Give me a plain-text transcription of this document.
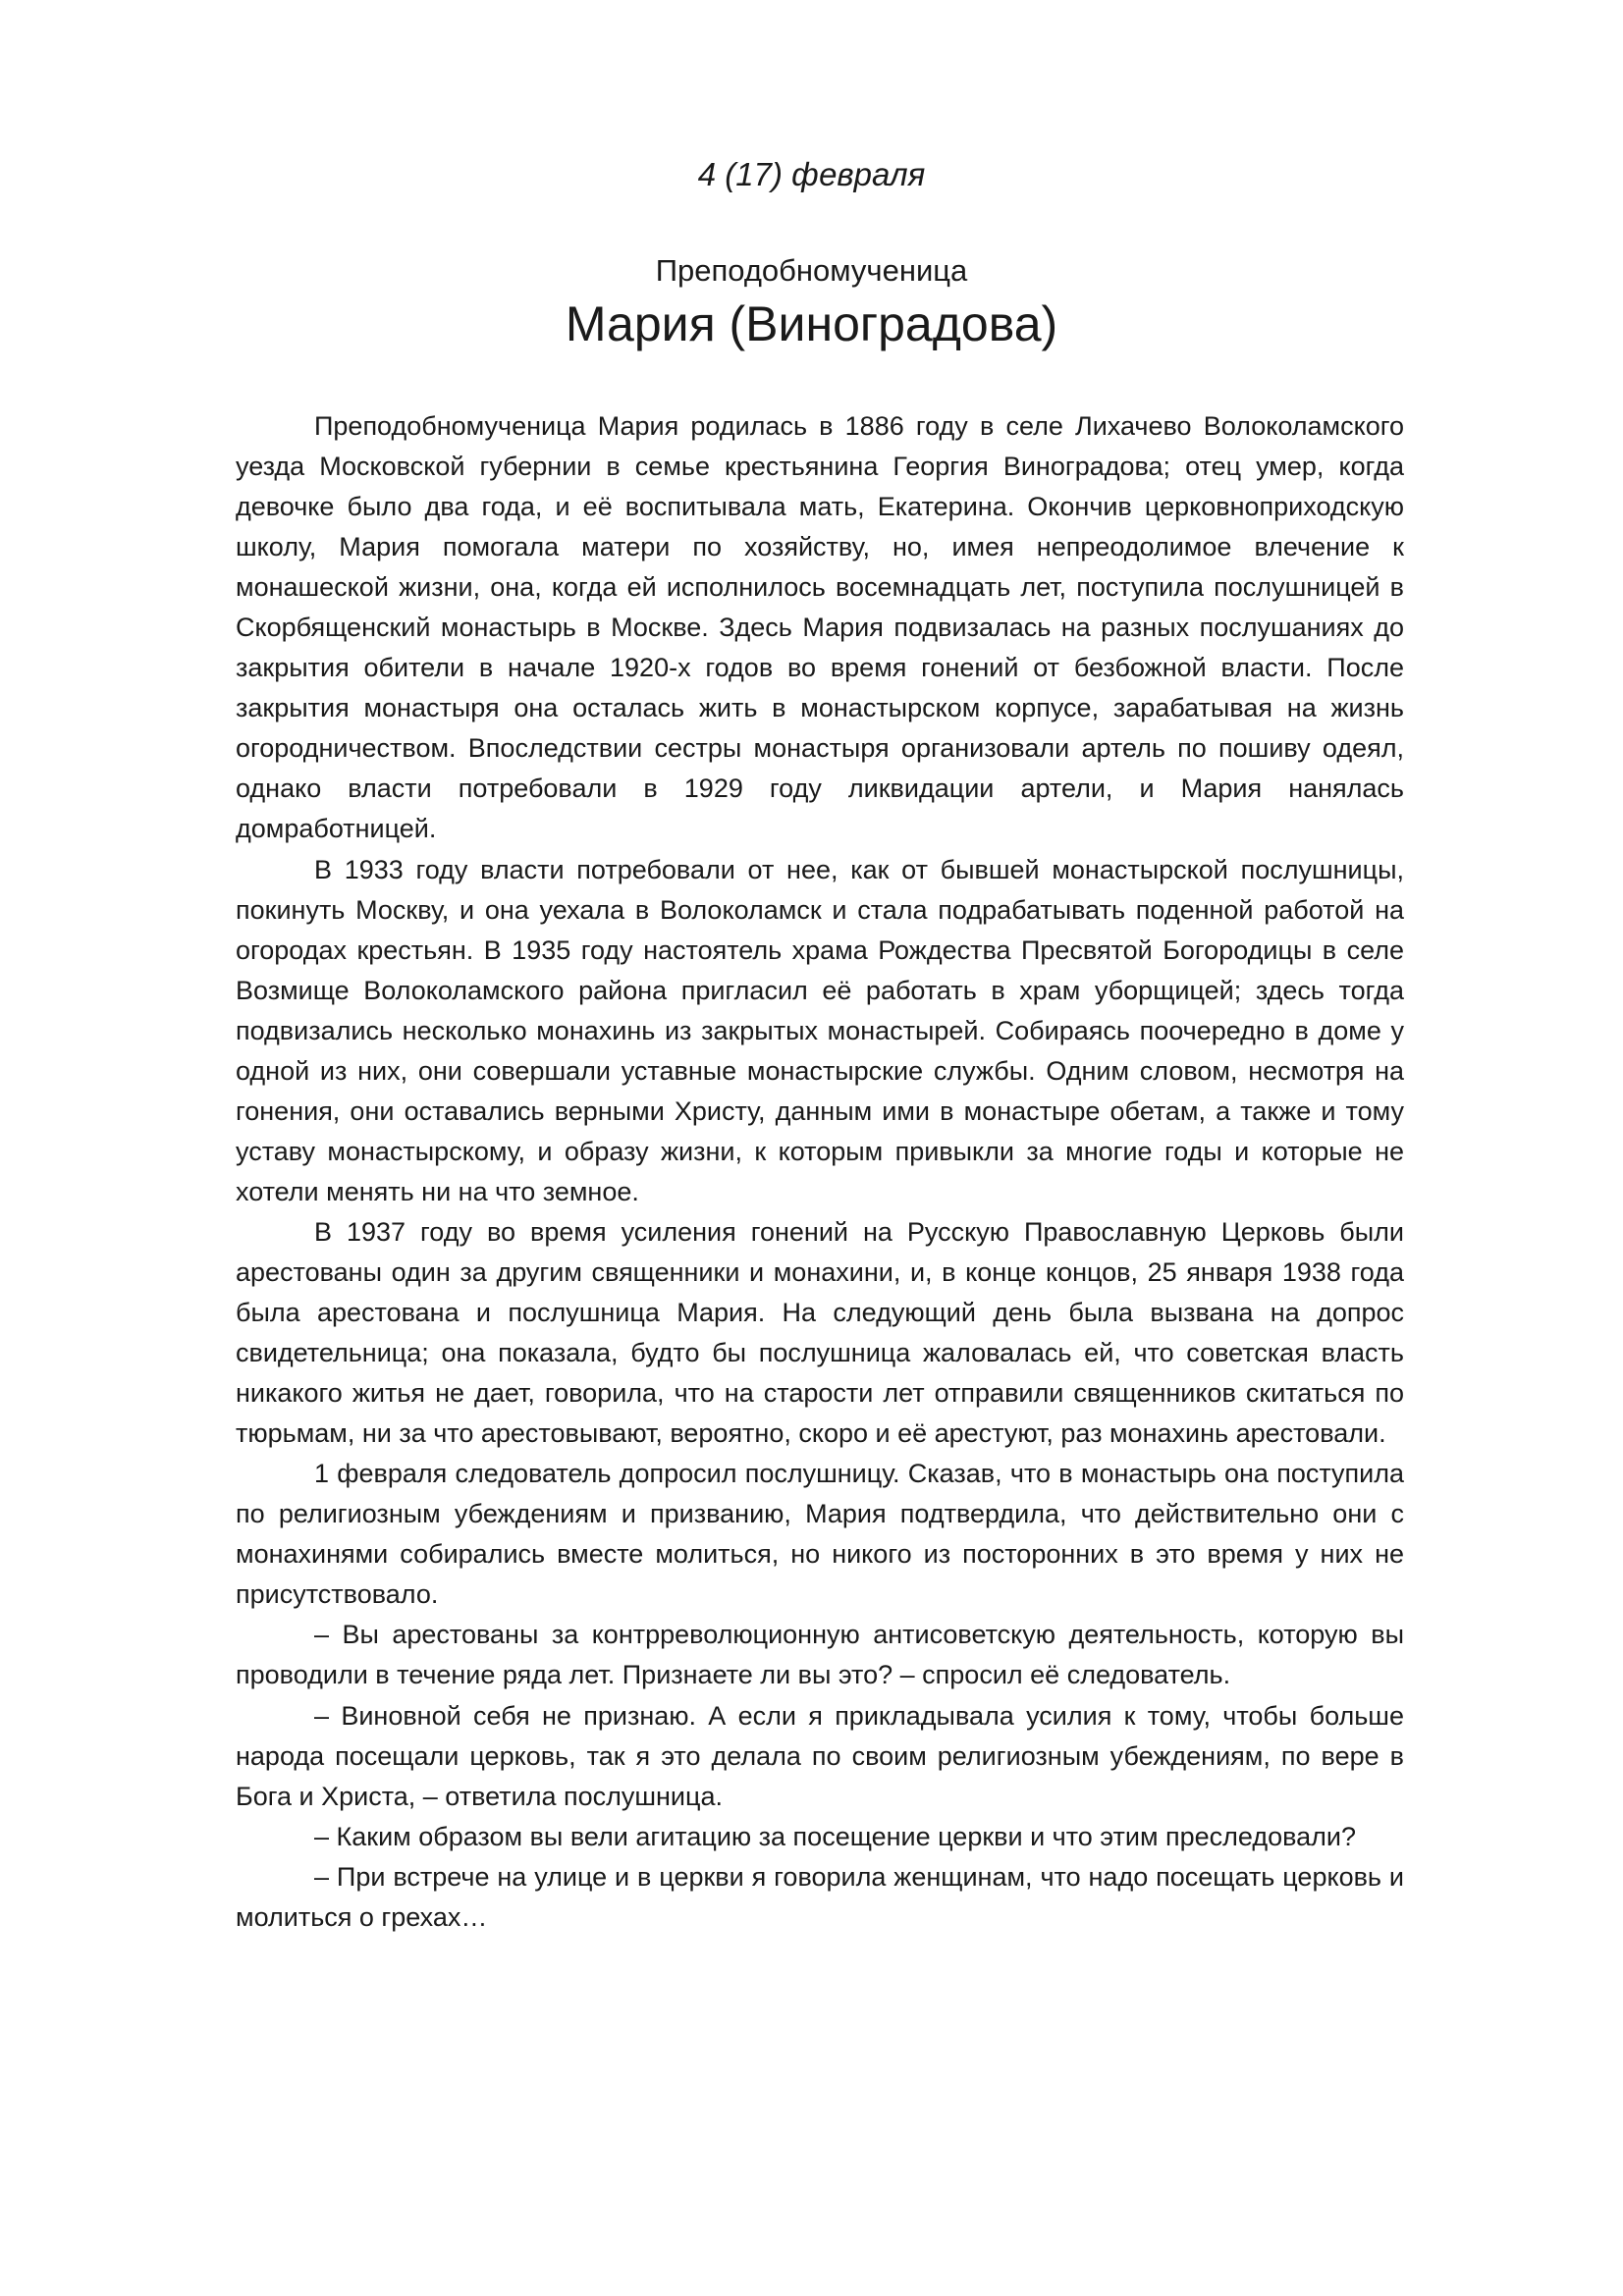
4 (17) февраля

Преподобномученица

Мария (Виноградова)

Преподобномученица Мария родилась в 1886 году в селе Лихачево Волоколамского уезда Московской губернии в семье крестьянина Георгия Виноградова; отец умер, когда девочке было два года, и её воспитывала мать, Екатерина. Окончив церковноприходскую школу, Мария помогала матери по хозяйству, но, имея непреодолимое влечение к монашеской жизни, она, когда ей исполнилось восемнадцать лет, поступила послушницей в Скорбященский монастырь в Москве. Здесь Мария подвизалась на разных послушаниях до закрытия обители в начале 1920-х годов во время гонений от безбожной власти. После закрытия монастыря она осталась жить в монастырском корпусе, зарабатывая на жизнь огородничеством. Впоследствии сестры монастыря организовали артель по пошиву одеял, однако власти потребовали в 1929 году ликвидации артели, и Мария нанялась домработницей.

В 1933 году власти потребовали от нее, как от бывшей монастырской послушницы, покинуть Москву, и она уехала в Волоколамск и стала подрабатывать поденной работой на огородах крестьян. В 1935 году настоятель храма Рождества Пресвятой Богородицы в селе Возмище Волоколамского района пригласил её работать в храм уборщицей; здесь тогда подвизались несколько монахинь из закрытых монастырей. Собираясь поочередно в доме у одной из них, они совершали уставные монастырские службы. Одним словом, несмотря на гонения, они оставались верными Христу, данным ими в монастыре обетам, а также и тому уставу монастырскому, и образу жизни, к которым привыкли за многие годы и которые не хотели менять ни на что земное.

В 1937 году во время усиления гонений на Русскую Православную Церковь были арестованы один за другим священники и монахини, и, в конце концов, 25 января 1938 года была арестована и послушница Мария. На следующий день была вызвана на допрос свидетельница; она показала, будто бы послушница жаловалась ей, что советская власть никакого житья не дает, говорила, что на старости лет отправили священников скитаться по тюрьмам, ни за что арестовывают, вероятно, скоро и её арестуют, раз монахинь арестовали.

1 февраля следователь допросил послушницу. Сказав, что в монастырь она поступила по религиозным убеждениям и призванию, Мария подтвердила, что действительно они с монахинями собирались вместе молиться, но никого из посторонних в это время у них не присутствовало.

– Вы арестованы за контрреволюционную антисоветскую деятельность, которую вы проводили в течение ряда лет. Признаете ли вы это? – спросил её следователь.

– Виновной себя не признаю. А если я прикладывала усилия к тому, чтобы больше народа посещали церковь, так я это делала по своим религиозным убеждениям, по вере в Бога и Христа, – ответила послушница.

– Каким образом вы вели агитацию за посещение церкви и что этим преследовали?

– При встрече на улице и в церкви я говорила женщинам, что надо посещать церковь и молиться о грехах…
